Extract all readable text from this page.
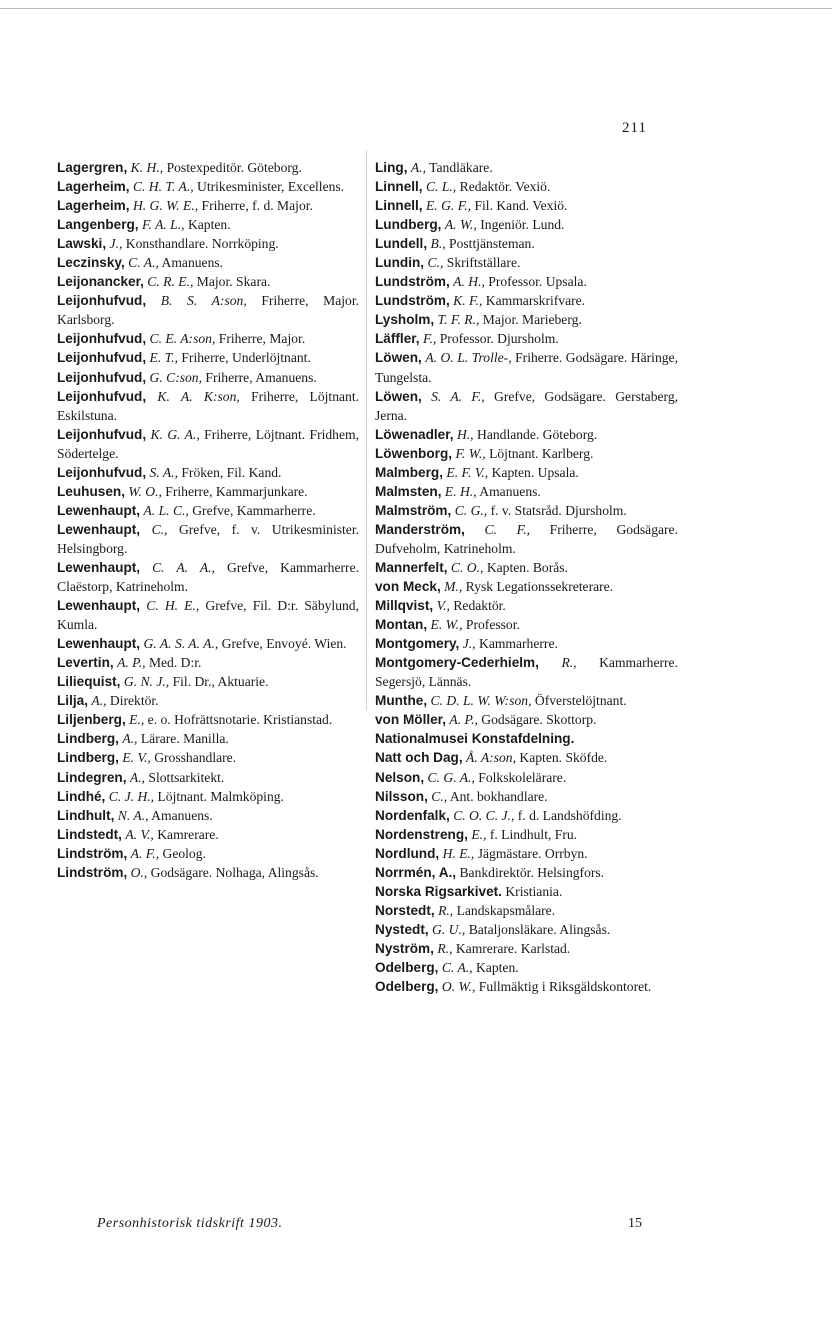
211
Lagergren, K. H., Postexpeditör. Göteborg.
Lagerheim, C. H. T. A., Utrikesminister, Excellens.
Lagerheim, H. G. W. E., Friherre, f. d. Major.
Langenberg, F. A. L., Kapten.
Lawski, J., Konsthandlare. Norrköping.
Leczinsky, C. A., Amanuens.
Leijonancker, C. R. E., Major. Skara.
Leijonhufvud, B. S. A:son, Friherre, Major. Karlsborg.
Leijonhufvud, C. E. A:son, Friherre, Major.
Leijonhufvud, E. T., Friherre, Underlöjtnant.
Leijonhufvud, G. C:son, Friherre, Amanuens.
Leijonhufvud, K. A. K:son, Friherre, Löjtnant. Eskilstuna.
Leijonhufvud, K. G. A., Friherre, Löjtnant. Fridhem, Södertelge.
Leijonhufvud, S. A., Fröken, Fil. Kand.
Leuhusen, W. O., Friherre, Kammarjunkare.
Lewenhaupt, A. L. C., Grefve, Kammarherre.
Lewenhaupt, C., Grefve, f. v. Utrikesminister. Helsingborg.
Lewenhaupt, C. A. A., Grefve, Kammarherre. Claëstorp, Katrineholm.
Lewenhaupt, C. H. E., Grefve, Fil. D:r. Säbylund, Kumla.
Lewenhaupt, G. A. S. A. A., Grefve, Envoyé. Wien.
Levertin, A. P., Med. D:r.
Liliequist, G. N. J., Fil. Dr., Aktuarie.
Lilja, A., Direktör.
Liljenberg, E., e. o. Hofrättsnotarie. Kristianstad.
Lindberg, A., Lärare. Manilla.
Lindberg, E. V., Grosshandlare.
Lindegren, A., Slottsarkitekt.
Lindhé, C. J. H., Löjtnant. Malmköping.
Lindhult, N. A., Amanuens.
Lindstedt, A. V., Kamrerare.
Lindström, A. F., Geolog.
Lindström, O., Godsägare. Nolhaga, Alingsås.
Ling, A., Tandläkare.
Linnell, C. L., Redaktör. Vexiö.
Linnell, E. G. F., Fil. Kand. Vexiö.
Lundberg, A. W., Ingeniör. Lund.
Lundell, B., Posttjänsteman.
Lundin, C., Skriftställare.
Lundström, A. H., Professor. Upsala.
Lundström, K. F., Kammarskrifvare.
Lysholm, T. F. R., Major. Marieberg.
Läffler, F., Professor. Djursholm.
Löwen, A. O. L. Trolle-, Friherre. Godsägare. Häringe, Tungelsta.
Löwen, S. A. F., Grefve, Godsägare. Gerstaberg, Jerna.
Löwenadler, H., Handlande. Göteborg.
Löwenborg, F. W., Löjtnant. Karlberg.
Malmberg, E. F. V., Kapten. Upsala.
Malmsten, E. H., Amanuens.
Malmström, C. G., f. v. Statsråd. Djursholm.
Manderström, C. F., Friherre, Godsägare. Dufveholm, Katrineholm.
Mannerfelt, C. O., Kapten. Borås.
von Meck, M., Rysk Legationssekreterare.
Millqvist, V., Redaktör.
Montan, E. W., Professor.
Montgomery, J., Kammarherre.
Montgomery-Cederhielm, R., Kammarherre. Segersjö, Lännäs.
Munthe, C. D. L. W. W:son, Öfverstelöjtnant.
von Möller, A. P., Godsägare. Skottorp.
Nationalmusei Konstafdelning.
Natt och Dag, Å. A:son, Kapten. Sköfde.
Nelson, C. G. A., Folkskolelärare.
Nilsson, C., Ant. bokhandlare.
Nordenfalk, C. O. C. J., f. d. Landshöfding.
Nordenstreng, E., f. Lindhult, Fru.
Nordlund, H. E., Jägmästare. Orrbyn.
Norrmén, A., Bankdirektör. Helsingfors.
Norska Rigsarkivet. Kristiania.
Norstedt, R., Landskapsmålare.
Nystedt, G. U., Bataljonsläkare. Alingsås.
Nyström, R., Kamrerare. Karlstad.
Odelberg, C. A., Kapten.
Odelberg, O. W., Fullmäktig i Riksgäldskontoret.
Personhistorisk tidskrift 1903.	15
